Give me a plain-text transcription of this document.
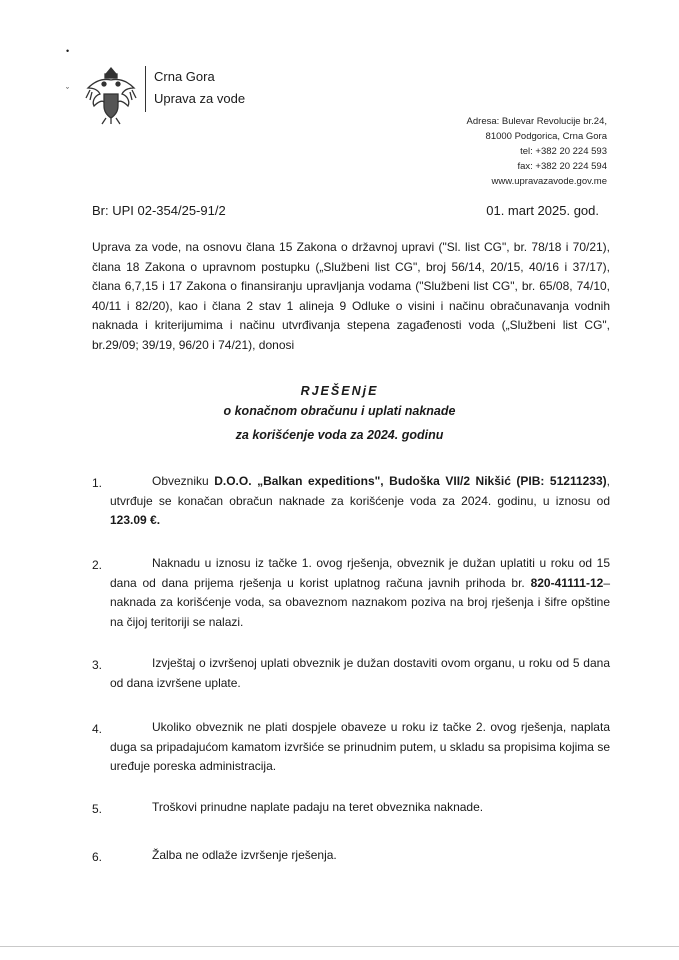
•
ˇ
Crna Gora
Uprava za vode
Adresa: Bulevar Revolucije br.24,
81000 Podgorica, Crna Gora
tel: +382 20 224 593
fax: +382 20 224 594
www.upravazavode.gov.me
Br: UPI 02-354/25-91/2	01. mart 2025. god.
Uprava za vode, na osnovu člana 15 Zakona o državnoj upravi ("Sl. list CG", br. 78/18 i 70/21), člana 18 Zakona o upravnom postupku („Službeni list CG", broj 56/14, 20/15, 40/16 i 37/17), člana 6,7,15 i 17 Zakona o finansiranju upravljanja vodama ("Službeni list CG", br. 65/08, 74/10, 40/11 i 82/20), kao i člana 2 stav 1 alineja 9 Odluke o visini i načinu obračunavanja vodnih naknada i kriterijumima i načinu utvrđivanja stepena zagađenosti voda („Službeni list CG", br.29/09; 39/19, 96/20 i 74/21), donosi
RJEŠENjE
o konačnom obračunu i uplati naknade
za korišćenje voda za 2024. godinu
1.	Obvezniku D.O.O. „Balkan expeditions", Budoška VII/2 Nikšić (PIB: 51211233), utvrđuje se konačan obračun naknade za korišćenje voda za 2024. godinu, u iznosu od 123.09 €.
2.	Naknadu u iznosu iz tačke 1. ovog rješenja, obveznik je dužan uplatiti u roku od 15 dana od dana prijema rješenja u korist uplatnog računa javnih prihoda br. 820-41111-12–naknada za korišćenje voda, sa obaveznom naznakom poziva na broj rješenja i šifre opštine na čijoj teritoriji se nalazi.
3.	Izvještaj o izvršenoj uplati obveznik je dužan dostaviti ovom organu, u roku od 5 dana od dana izvršene uplate.
4.	Ukoliko obveznik ne plati dospjele obaveze u roku iz tačke 2. ovog rješenja, naplata duga sa pripadajućom kamatom izvršiće se prinudnim putem, u skladu sa propisima kojima se uređuje poreska administracija.
5.	Troškovi prinudne naplate padaju na teret obveznika naknade.
6.	Žalba ne odlaže izvršenje rješenja.
